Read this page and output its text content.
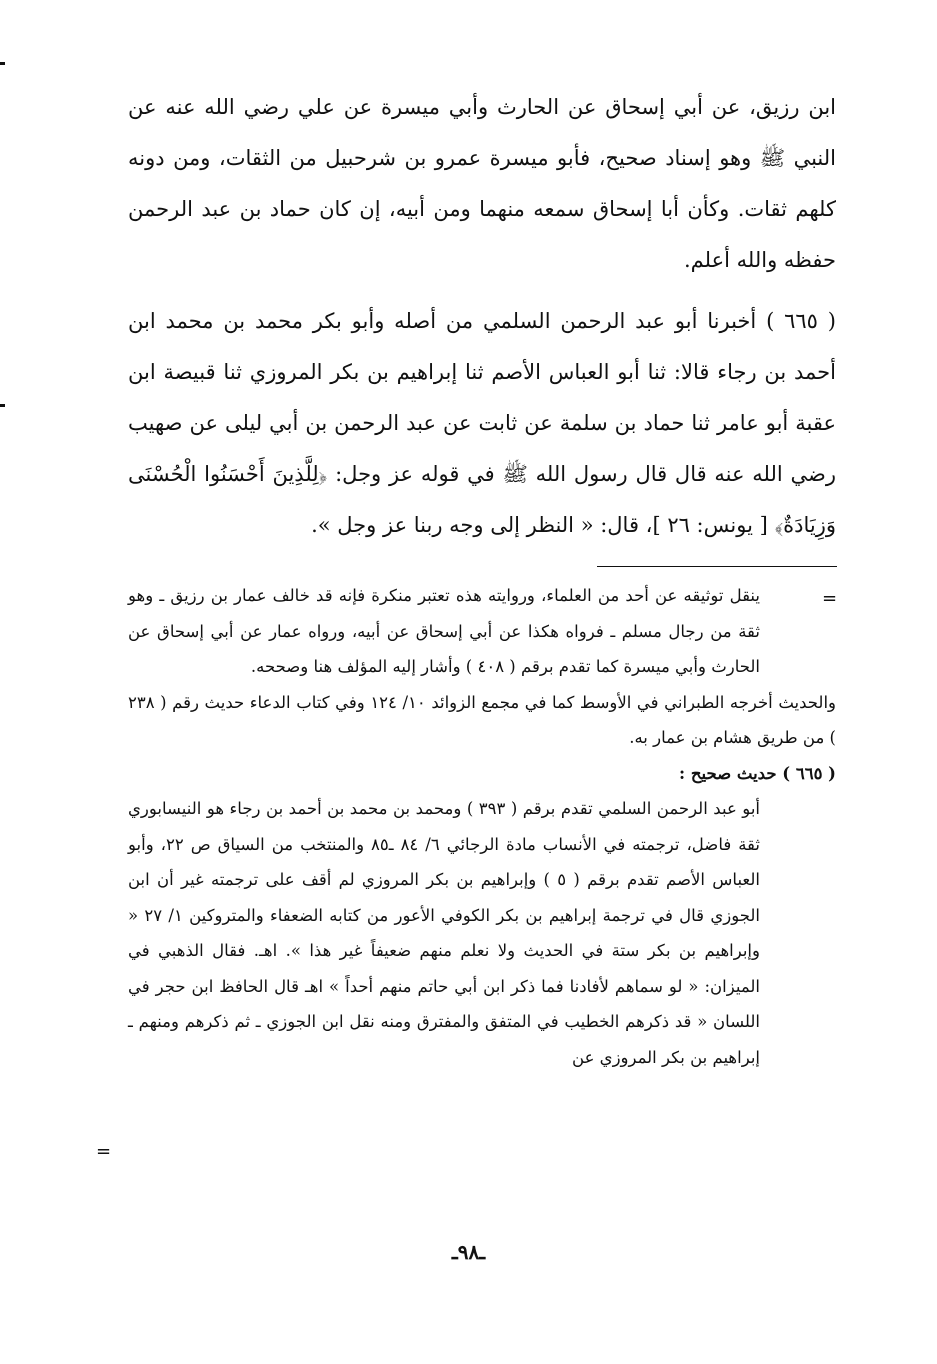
ابن رزيق، عن أبي إسحاق عن الحارث وأبي ميسرة عن علي رضي الله عنه عن النبي ﷺ وهو إسناد صحيح، فأبو ميسرة عمرو بن شرحبيل من الثقات، ومن دونه كلهم ثقات. وكأن أبا إسحاق سمعه منهما ومن أبيه، إن كان حماد بن عبد الرحمن حفظه والله أعلم.

( ٦٦٥ ) أخبرنا أبو عبد الرحمن السلمي من أصله وأبو بكر محمد بن محمد ابن أحمد بن رجاء قالا: ثنا أبو العباس الأصم ثنا إبراهيم بن بكر المروزي ثنا قبيصة ابن عقبة أبو عامر ثنا حماد بن سلمة عن ثابت عن عبد الرحمن بن أبي ليلى عن صهيب رضي الله عنه قال قال رسول الله ﷺ في قوله عز وجل: ﴿لِلَّذِينَ أَحْسَنُوا الْحُسْنَى وَزِيَادَةٌ﴾ [ يونس: ٢٦ ]، قال: « النظر إلى وجه ربنا عز وجل ».

=

ينقل توثيقه عن أحد من العلماء، وروايته هذه تعتبر منكرة فإنه قد خالف عمار بن رزيق ـ وهو ثقة من رجال مسلم ـ فرواه هكذا عن أبي إسحاق عن أبيه، ورواه عمار عن أبي إسحاق عن الحارث وأبي ميسرة كما تقدم برقم ( ٤٠٨ ) وأشار إليه المؤلف هنا وصححه.

والحديث أخرجه الطبراني في الأوسط كما في مجمع الزوائد ١٠/ ١٢٤ وفي كتاب الدعاء حديث رقم ( ٢٣٨ ) من طريق هشام بن عمار به.

( ٦٦٥ ) حديث صحيح :

أبو عبد الرحمن السلمي تقدم برقم ( ٣٩٣ ) ومحمد بن محمد بن أحمد بن رجاء هو النيسابوري ثقة فاضل، ترجمته في الأنساب مادة الرجائي ٦/ ٨٤ ـ٨٥ والمنتخب من السياق ص ٢٢، وأبو العباس الأصم تقدم برقم ( ٥ ) وإبراهيم بن بكر المروزي لم أقف على ترجمته غير أن ابن الجوزي قال في ترجمة إبراهيم بن بكر الكوفي الأعور من كتابه الضعفاء والمتروكين ١/ ٢٧ « وإبراهيم بن بكر ستة في الحديث ولا نعلم منهم ضعيفاً غير هذا ». اهـ. فقال الذهبي في الميزان: « لو سماهم لأفادنا فما ذكر ابن أبي حاتم منهم أحداً » اهـ قال الحافظ ابن حجر في اللسان « قد ذكرهم الخطيب في المتفق والمفترق ومنه نقل ابن الجوزي ـ ثم ذكرهم ومنهم ـ إبراهيم بن بكر المروزي عن

=
ـ٩٨ـ
